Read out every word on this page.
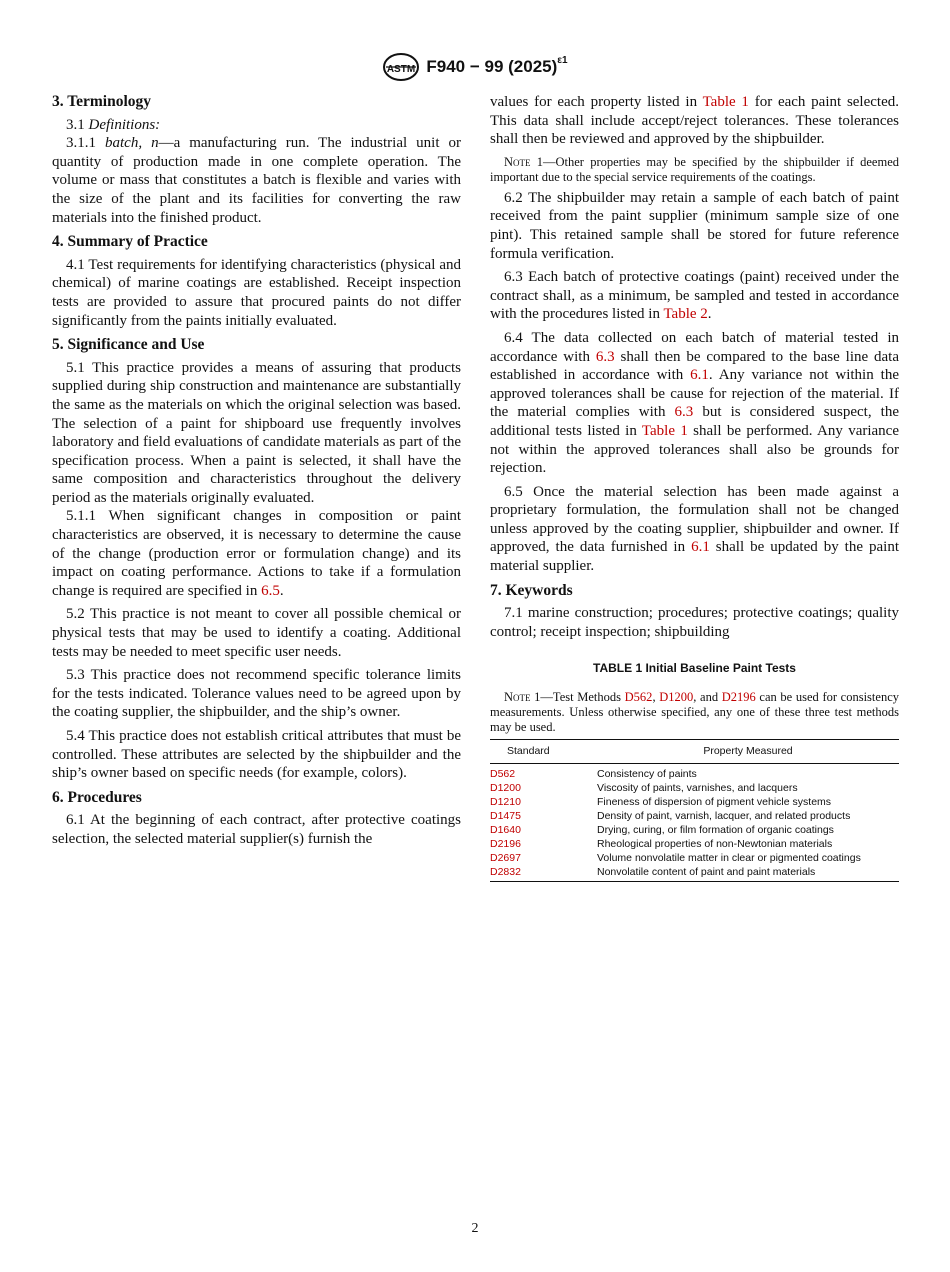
ASTM F940 − 99 $(2025)^{\varepsilon 1}$
3. Terminology
3.1 Definitions:
3.1.1 batch, n—a manufacturing run. The industrial unit or quantity of production made in one complete operation. The volume or mass that constitutes a batch is flexible and varies with the size of the plant and its facilities for converting the raw materials into the finished product.
4. Summary of Practice
4.1 Test requirements for identifying characteristics (physical and chemical) of marine coatings are established. Receipt inspection tests are provided to assure that procured paints do not differ significantly from the paints initially evaluated.
5. Significance and Use
5.1 This practice provides a means of assuring that products supplied during ship construction and maintenance are substantially the same as the materials on which the original selection was based. The selection of a paint for shipboard use frequently involves laboratory and field evaluations of candidate materials as part of the specification process. When a paint is selected, it shall have the same composition and characteristics throughout the delivery period as the materials originally evaluated.
5.1.1 When significant changes in composition or paint characteristics are observed, it is necessary to determine the cause of the change (production error or formulation change) and its impact on coating performance. Actions to take if a formulation change is required are specified in 6.5.
5.2 This practice is not meant to cover all possible chemical or physical tests that may be used to identify a coating. Additional tests may be needed to meet specific user needs.
5.3 This practice does not recommend specific tolerance limits for the tests indicated. Tolerance values need to be agreed upon by the coating supplier, the shipbuilder, and the ship’s owner.
5.4 This practice does not establish critical attributes that must be controlled. These attributes are selected by the shipbuilder and the ship’s owner based on specific needs (for example, colors).
6. Procedures
6.1 At the beginning of each contract, after protective coatings selection, the selected material supplier(s) furnish the
values for each property listed in Table 1 for each paint selected. This data shall include accept/reject tolerances. These tolerances shall then be reviewed and approved by the shipbuilder.
Note 1—Other properties may be specified by the shipbuilder if deemed important due to the special service requirements of the coatings.
6.2 The shipbuilder may retain a sample of each batch of paint received from the paint supplier (minimum sample size of one pint). This retained sample shall be stored for future reference formula verification.
6.3 Each batch of protective coatings (paint) received under the contract shall, as a minimum, be sampled and tested in accordance with the procedures listed in Table 2.
6.4 The data collected on each batch of material tested in accordance with 6.3 shall then be compared to the base line data established in accordance with 6.1. Any variance not within the approved tolerances shall be cause for rejection of the material. If the material complies with 6.3 but is considered suspect, the additional tests listed in Table 1 shall be performed. Any variance not within the approved tolerances shall also be grounds for rejection.
6.5 Once the material selection has been made against a proprietary formulation, the formulation shall not be changed unless approved by the coating supplier, shipbuilder and owner. If approved, the data furnished in 6.1 shall be updated by the paint material supplier.
7. Keywords
7.1 marine construction; procedures; protective coatings; quality control; receipt inspection; shipbuilding
TABLE 1 Initial Baseline Paint Tests
Note 1—Test Methods D562, D1200, and D2196 can be used for consistency measurements. Unless otherwise specified, any one of these three test methods may be used.
Standard	Property Measured
D562	Consistency of paints
D1200	Viscosity of paints, varnishes, and lacquers
D1210	Fineness of dispersion of pigment vehicle systems
D1475	Density of paint, varnish, lacquer, and related products
D1640	Drying, curing, or film formation of organic coatings
D2196	Rheological properties of non-Newtonian materials
D2697	Volume nonvolatile matter in clear or pigmented coatings
D2832	Nonvolatile content of paint and paint materials
2
